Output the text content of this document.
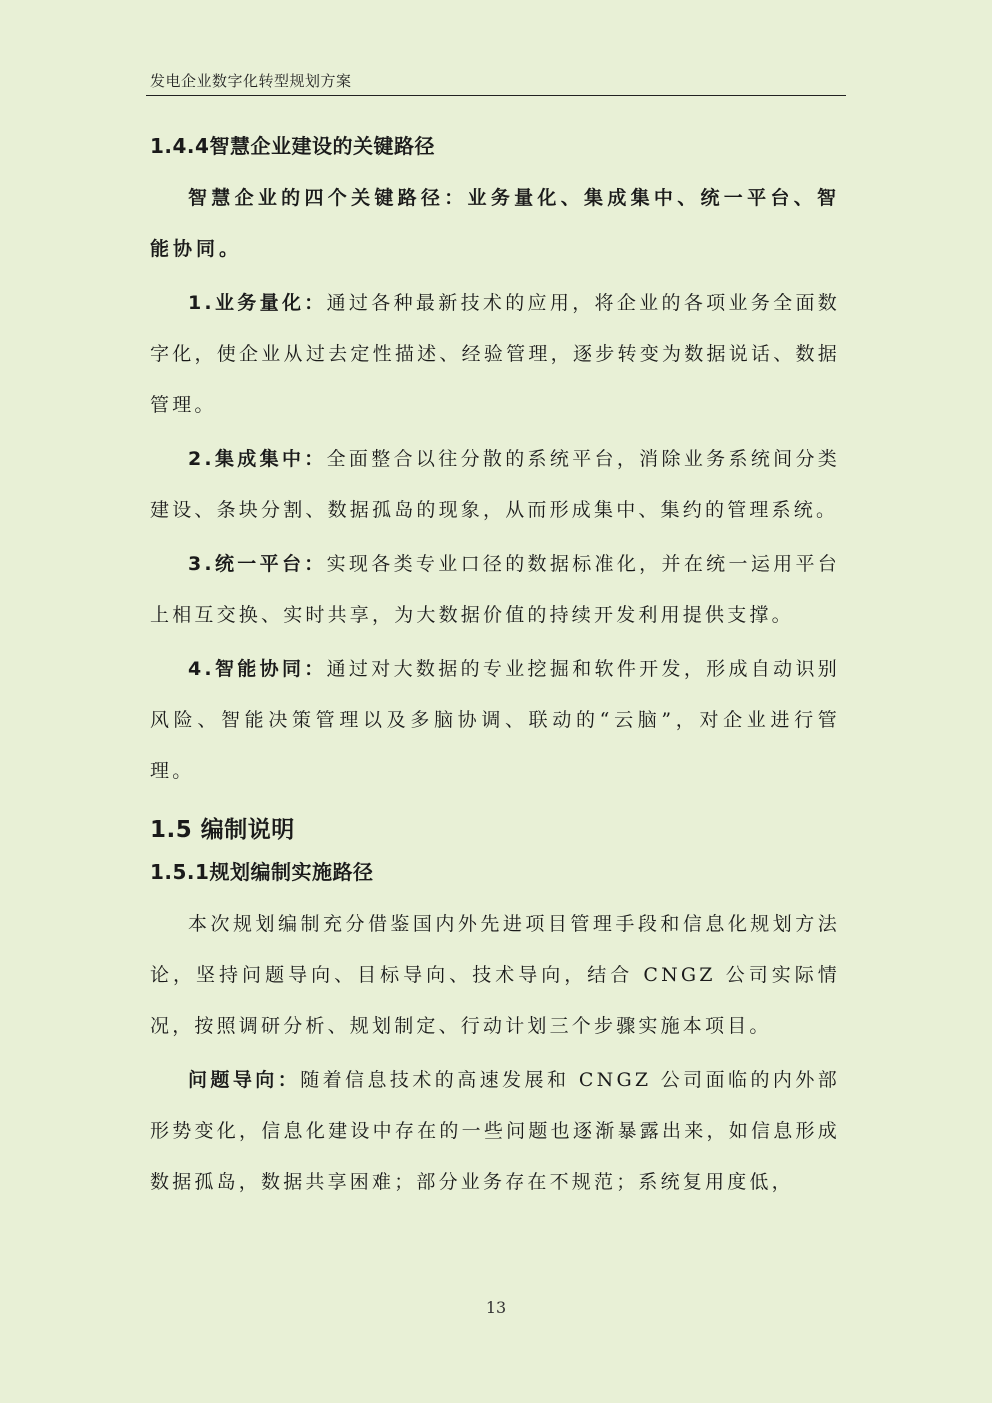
发电企业数字化转型规划方案
1.4.4智慧企业建设的关键路径

智慧企业的四个关键路径：业务量化、集成集中、统一平台、智能协同。

1.业务量化：通过各种最新技术的应用，将企业的各项业务全面数字化，使企业从过去定性描述、经验管理，逐步转变为数据说话、数据管理。

2.集成集中：全面整合以往分散的系统平台，消除业务系统间分类建设、条块分割、数据孤岛的现象，从而形成集中、集约的管理系统。

3.统一平台：实现各类专业口径的数据标准化，并在统一运用平台上相互交换、实时共享，为大数据价值的持续开发利用提供支撑。

4.智能协同：通过对大数据的专业挖掘和软件开发，形成自动识别风险、智能决策管理以及多脑协调、联动的“云脑”，对企业进行管理。

1.5 编制说明
1.5.1规划编制实施路径

本次规划编制充分借鉴国内外先进项目管理手段和信息化规划方法论，坚持问题导向、目标导向、技术导向，结合 CNGZ 公司实际情况，按照调研分析、规划制定、行动计划三个步骤实施本项目。

问题导向：随着信息技术的高速发展和 CNGZ 公司面临的内外部形势变化，信息化建设中存在的一些问题也逐渐暴露出来，如信息形成数据孤岛，数据共享困难；部分业务存在不规范；系统复用度低，

13
